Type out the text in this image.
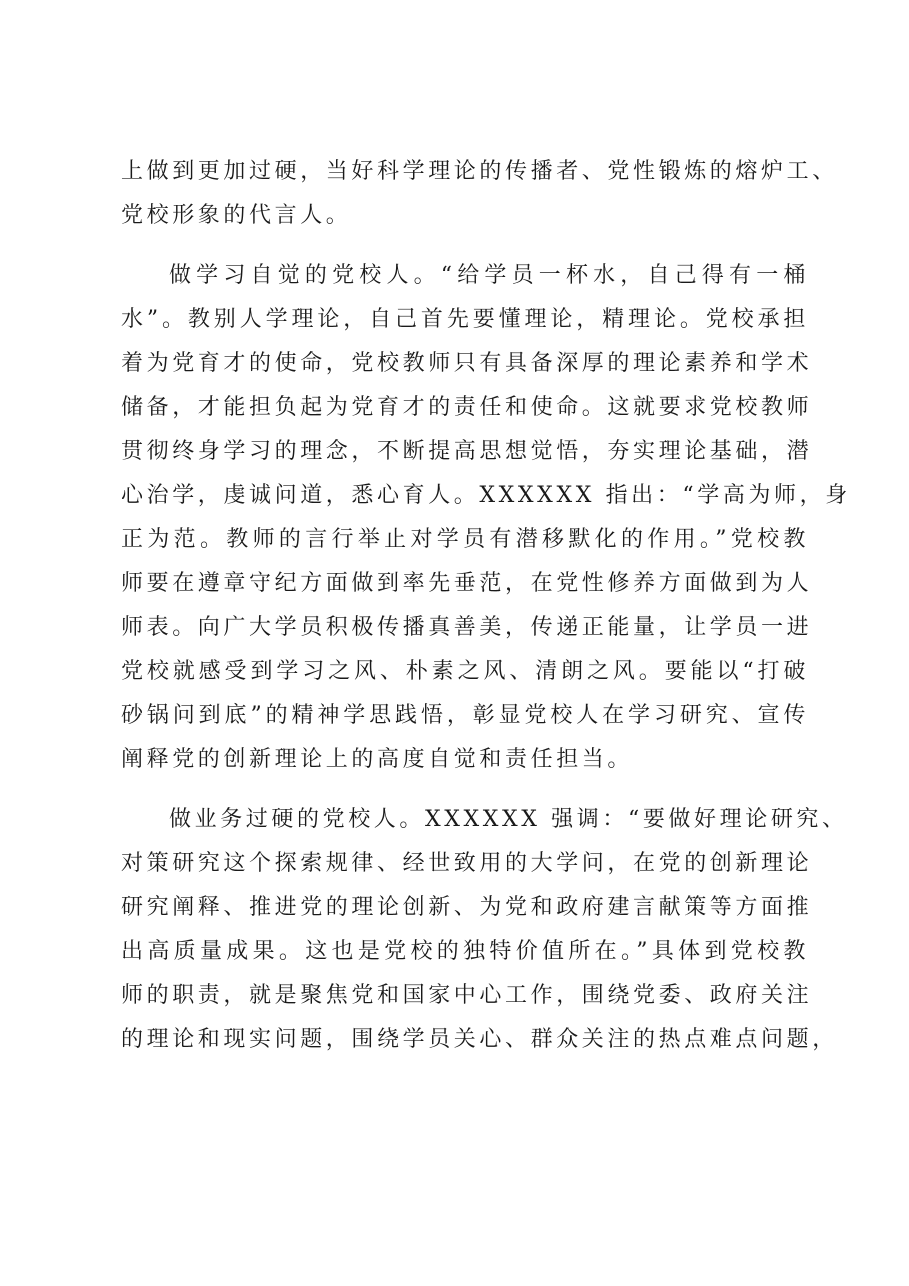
上做到更加过硬，当好科学理论的传播者、党性锻炼的熔炉工、
党校形象的代言人。
做学习自觉的党校人。“给学员一杯水，自己得有一桶
水”。教别人学理论，自己首先要懂理论，精理论。党校承担
着为党育才的使命，党校教师只有具备深厚的理论素养和学术
储备，才能担负起为党育才的责任和使命。这就要求党校教师
贯彻终身学习的理念，不断提高思想觉悟，夯实理论基础，潜
心治学，虔诚问道，悉心育人。XXXXXX 指出：“学高为师，身
正为范。教师的言行举止对学员有潜移默化的作用。”党校教
师要在遵章守纪方面做到率先垂范，在党性修养方面做到为人
师表。向广大学员积极传播真善美，传递正能量，让学员一进
党校就感受到学习之风、朴素之风、清朗之风。要能以“打破
砂锅问到底”的精神学思践悟，彰显党校人在学习研究、宣传
阐释党的创新理论上的高度自觉和责任担当。
做业务过硬的党校人。XXXXXX 强调：“要做好理论研究、
对策研究这个探索规律、经世致用的大学问，在党的创新理论
研究阐释、推进党的理论创新、为党和政府建言献策等方面推
出高质量成果。这也是党校的独特价值所在。”具体到党校教
师的职责，就是聚焦党和国家中心工作，围绕党委、政府关注
的理论和现实问题，围绕学员关心、群众关注的热点难点问题，
